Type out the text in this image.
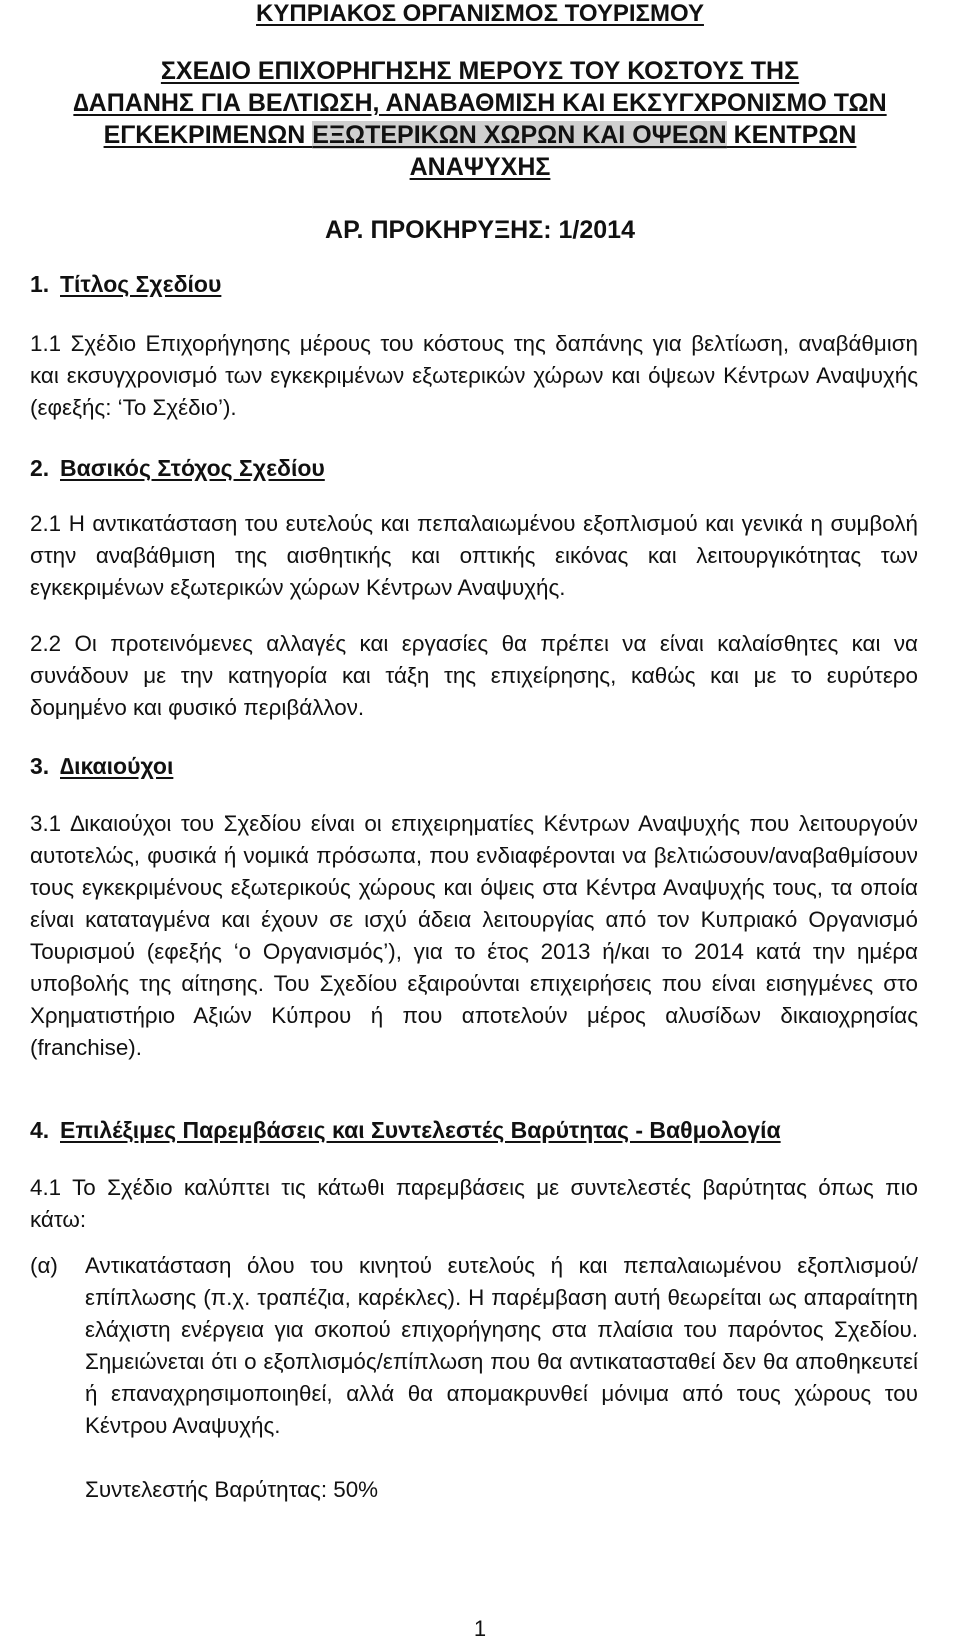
ΚΥΠΡΙΑΚΟΣ ΟΡΓΑΝΙΣΜΟΣ ΤΟΥΡΙΣΜΟΥ
ΣΧΕ∆ΙΟ ΕΠΙΧΟΡΗΓΗΣΗΣ ΜΕΡΟΥΣ ΤΟΥ ΚΟΣΤΟΥΣ ΤΗΣ
∆ΑΠΑΝΗΣ ΓΙΑ ΒΕΛΤΙΩΣΗ, ΑΝΑΒΑΘΜΙΣΗ ΚΑΙ ΕΚΣΥΓΧΡΟΝΙΣΜΟ ΤΩΝ
ΕΓΚΕΚΡΙΜΕΝΩΝ ΕΞΩΤΕΡΙΚΩΝ ΧΩΡΩΝ ΚΑΙ ΟΨΕΩΝ ΚΕΝΤΡΩΝ
ΑΝΑΨΥΧΗΣ
ΑΡ. ΠΡΟΚΗΡΥΞΗΣ: 1/2014
1. Τίτλος Σχεδίου
1.1 Σχέδιο Επιχορήγησης μέρους του κόστους της δαπάνης για βελτίωση, αναβάθμιση και εκσυγχρονισμό των εγκεκριμένων εξωτερικών χώρων και όψεων Κέντρων Αναψυχής (εφεξής: ‘Το Σχέδιο’).
2. Βασικός Στόχος Σχεδίου
2.1 Η αντικατάσταση του ευτελούς και πεπαλαιωμένου εξοπλισμού και γενικά η συμβολή στην αναβάθμιση της αισθητικής και οπτικής εικόνας και λειτουργικότητας των εγκεκριμένων εξωτερικών χώρων Κέντρων Αναψυχής.
2.2 Οι προτεινόμενες αλλαγές και εργασίες θα πρέπει να είναι καλαίσθητες και να συνάδουν με την κατηγορία και τάξη της επιχείρησης, καθώς και με το ευρύτερο δομημένο και φυσικό περιβάλλον.
3. ∆ικαιούχοι
3.1 ∆ικαιούχοι του Σχεδίου είναι οι επιχειρηματίες Κέντρων Αναψυχής που λειτουργούν αυτοτελώς, φυσικά ή νομικά πρόσωπα, που ενδιαφέρονται να βελτιώσουν/αναβαθμίσουν τους εγκεκριμένους εξωτερικούς χώρους και όψεις στα Κέντρα Αναψυχής τους, τα οποία είναι καταταγμένα και έχουν σε ισχύ άδεια λειτουργίας από τον Κυπριακό Οργανισμό Τουρισμού (εφεξής ‘ο Οργανισμός’), για το έτος 2013 ή/και το 2014 κατά την ημέρα υποβολής της αίτησης. Του Σχεδίου εξαιρούνται επιχειρήσεις που είναι εισηγμένες στο Χρηματιστήριο Αξιών Κύπρου ή που αποτελούν μέρος αλυσίδων δικαιοχρησίας (franchise).
4. Επιλέξιμες Παρεμβάσεις και Συντελεστές Βαρύτητας - Βαθμολογία
4.1 Το Σχέδιο καλύπτει τις κάτωθι παρεμβάσεις με συντελεστές βαρύτητας όπως πιο κάτω:
(α) Αντικατάσταση όλου του κινητού ευτελούς ή και πεπαλαιωμένου εξοπλισμού/επίπλωσης (π.χ. τραπέζια, καρέκλες). Η παρέμβαση αυτή θεωρείται ως απαραίτητη ελάχιστη ενέργεια για σκοπού επιχορήγησης στα πλαίσια του παρόντος Σχεδίου. Σημειώνεται ότι ο εξοπλισμός/επίπλωση που θα αντικατασταθεί δεν θα αποθηκευτεί ή επαναχρησιμοποιηθεί, αλλά θα απομακρυνθεί μόνιμα από τους χώρους του Κέντρου Αναψυχής.
Συντελεστής Βαρύτητας: 50%
1
